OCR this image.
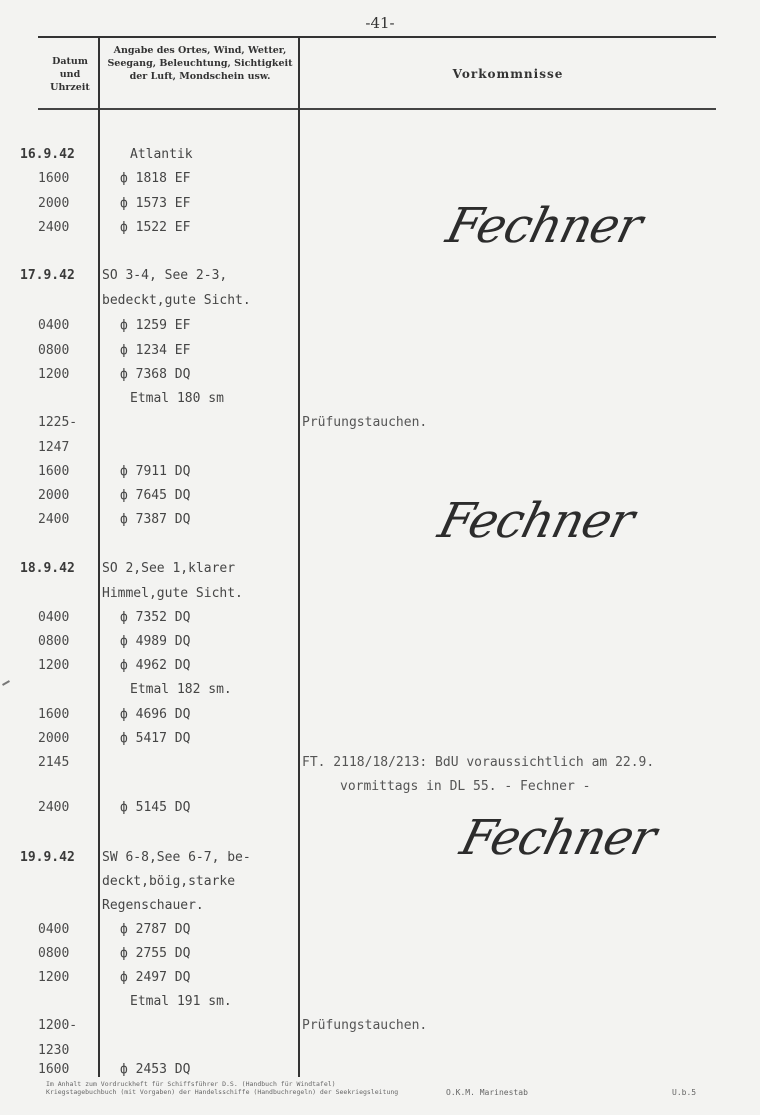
-41-
Datum
und
Uhrzeit
Angabe des Ortes, Wind, Wetter,
Seegang, Beleuchtung, Sichtigkeit
der Luft, Mondschein usw.	Vorkommnisse
16.9.42	Atlantik
1600	ф 1818 EF
2000	ф 1573 EF
2400	ф 1522 EF
17.9.42 SO 3-4, See 2-3,
bedeckt,gute Sicht.
0400	ф 1259 EF
0800	ф 1234 EF
1200	ф 7368 DQ
Etmal 180 sm
1225-	Prüfungstauchen.
1247
1600	ф 7911 DQ
2000	ф 7645 DQ
2400	ф 7387 DQ
18.9.42 SO 2,See 1,klarer
Himmel,gute Sicht.
0400	ф 7352 DQ
0800	ф 4989 DQ
1200	ф 4962 DQ
Etmal 182 sm.
1600	ф 4696 DQ
2000	ф 5417 DQ
2145	FT. 2118/18/213: BdU voraussichtlich am 22.9.
vormittags in DL 55. - Fechner -
2400	ф 5145 DQ
19.9.42 SW 6-8,See 6-7, be-
deckt,böig,starke
Regenschauer.
0400	ф 2787 DQ
0800	ф 2755 DQ
1200	ф 2497 DQ
Etmal 191 sm.
1200-	Prüfungstauchen.
1230
1600	ф 2453 DQ
Fechner
Fechner
Fechner
Im Anhalt zum Vordruckheft für Schiffsführer D.S. (Handbuch für Windtafel)
Kriegstagebuchbuch (mit Vorgaben) der Handelsschiffe (Handbuchregeln) der Seekriegsleitung	O.K.M. Marinestab	U.b.5
